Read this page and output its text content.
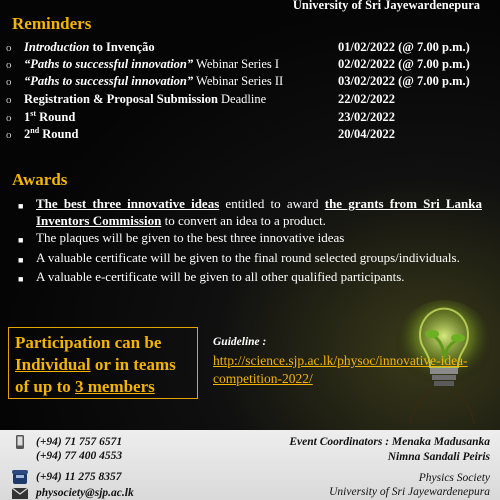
University of Sri Jayewardenepura
Reminders
o	Introduction to Invenção	01/02/2022 (@ 7.00 p.m.)
o	“Paths to successful innovation” Webinar Series I	02/02/2022 (@ 7.00 p.m.)
o	“Paths to successful innovation” Webinar Series II	03/02/2022 (@ 7.00 p.m.)
o	Registration & Proposal Submission Deadline	22/02/2022
o	1st Round	23/02/2022
o	2nd Round	20/04/2022
Awards
■ The best three innovative ideas entitled to award the grants from Sri Lanka Inventors Commission to convert an idea to a product.
■ The plaques will be given to the best three innovative ideas
■ A valuable certificate will be given to the final round selected groups/individuals.
■ A valuable e-certificate will be given to all other qualified participants.
Participation can be
Individual or in teams
of up to 3 members
Guideline :
http://science.sjp.ac.lk/physoc/innovative-idea-competition-2022/
(+94) 71 757 6571
(+94) 77 400 4553
(+94) 11 275 8357
physociety@sjp.ac.lk
Event Coordinators : Menaka Madusanka
Nimna Sandali Peiris
Physics Society
University of Sri Jayewardenepura
